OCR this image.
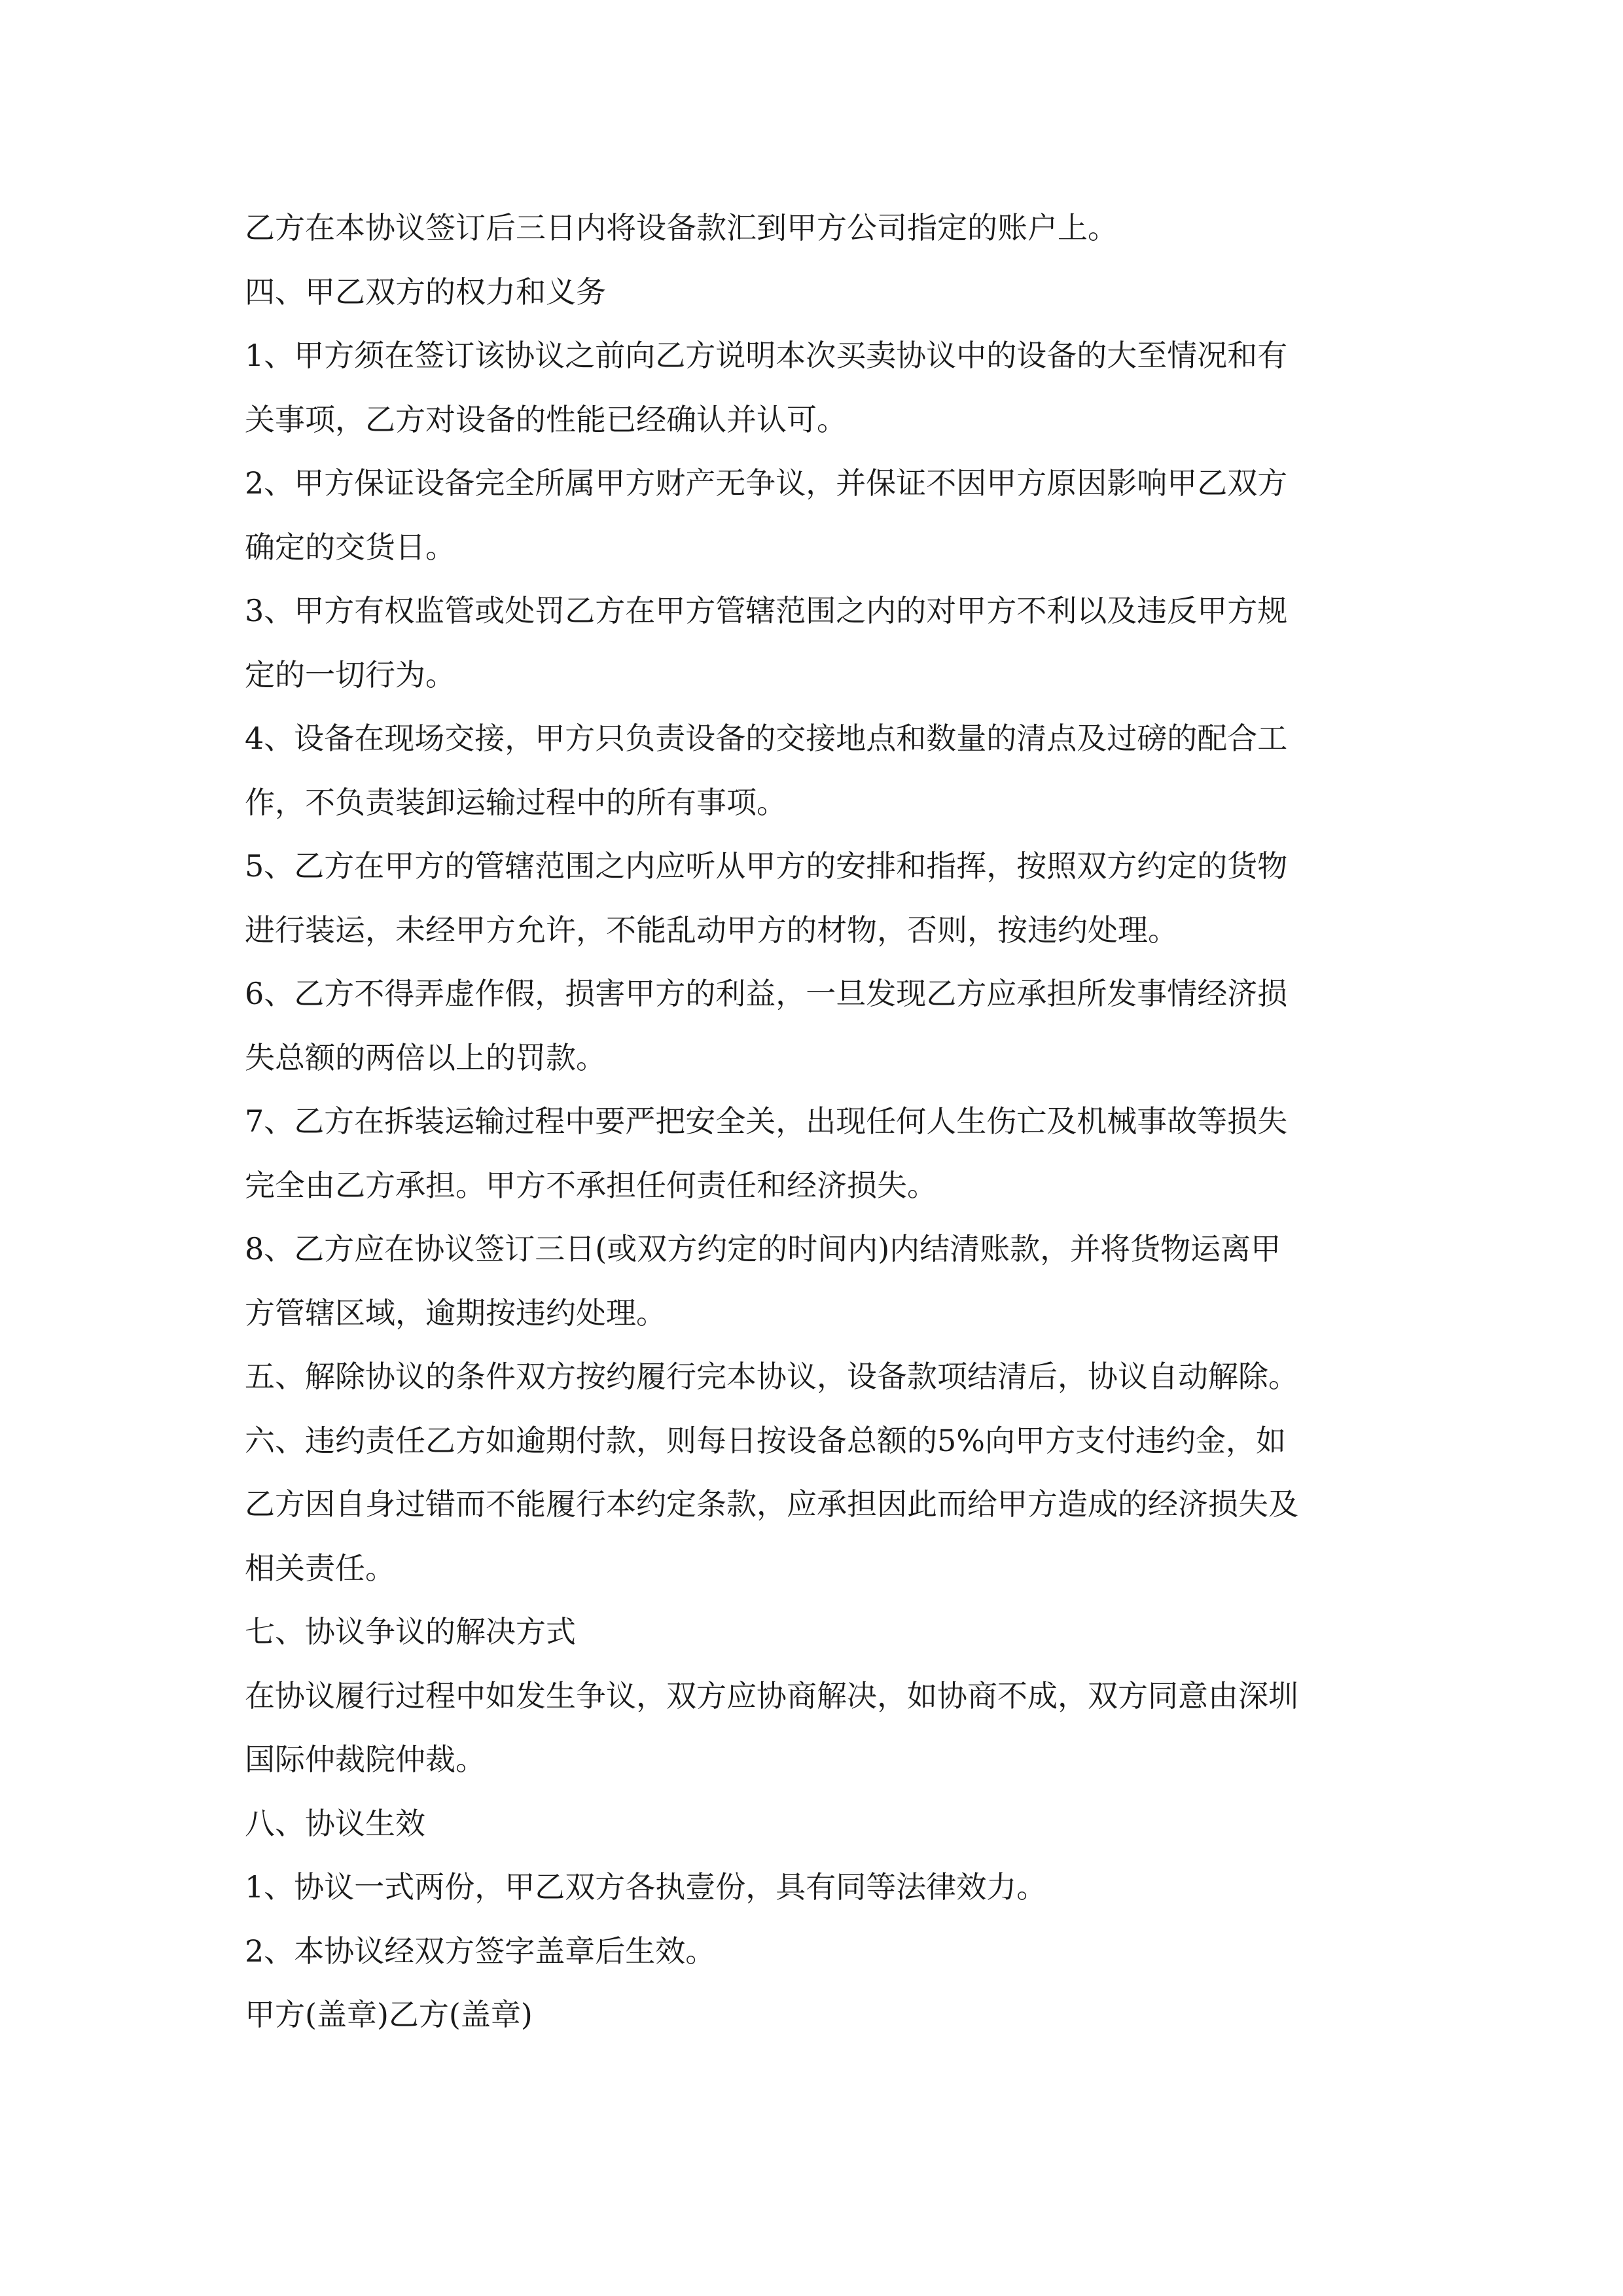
乙方在本协议签订后三日内将设备款汇到甲方公司指定的账户上。

四、甲乙双方的权力和义务

1、甲方须在签订该协议之前向乙方说明本次买卖协议中的设备的大至情况和有

关事项，乙方对设备的性能已经确认并认可。

2、甲方保证设备完全所属甲方财产无争议，并保证不因甲方原因影响甲乙双方

确定的交货日。

3、甲方有权监管或处罚乙方在甲方管辖范围之内的对甲方不利以及违反甲方规

定的一切行为。

4、设备在现场交接，甲方只负责设备的交接地点和数量的清点及过磅的配合工

作，不负责装卸运输过程中的所有事项。

5、乙方在甲方的管辖范围之内应听从甲方的安排和指挥，按照双方约定的货物

进行装运，未经甲方允许，不能乱动甲方的材物，否则，按违约处理。

6、乙方不得弄虚作假，损害甲方的利益，一旦发现乙方应承担所发事情经济损

失总额的两倍以上的罚款。

7、乙方在拆装运输过程中要严把安全关，出现任何人生伤亡及机械事故等损失

完全由乙方承担。甲方不承担任何责任和经济损失。

8、乙方应在协议签订三日(或双方约定的时间内)内结清账款，并将货物运离甲

方管辖区域，逾期按违约处理。

五、解除协议的条件双方按约履行完本协议，设备款项结清后，协议自动解除。

六、违约责任乙方如逾期付款，则每日按设备总额的5%向甲方支付违约金，如

乙方因自身过错而不能履行本约定条款，应承担因此而给甲方造成的经济损失及

相关责任。

七、协议争议的解决方式

在协议履行过程中如发生争议，双方应协商解决，如协商不成，双方同意由深圳

国际仲裁院仲裁。

八、协议生效

1、协议一式两份，甲乙双方各执壹份，具有同等法律效力。

2、本协议经双方签字盖章后生效。

甲方(盖章)乙方(盖章)
